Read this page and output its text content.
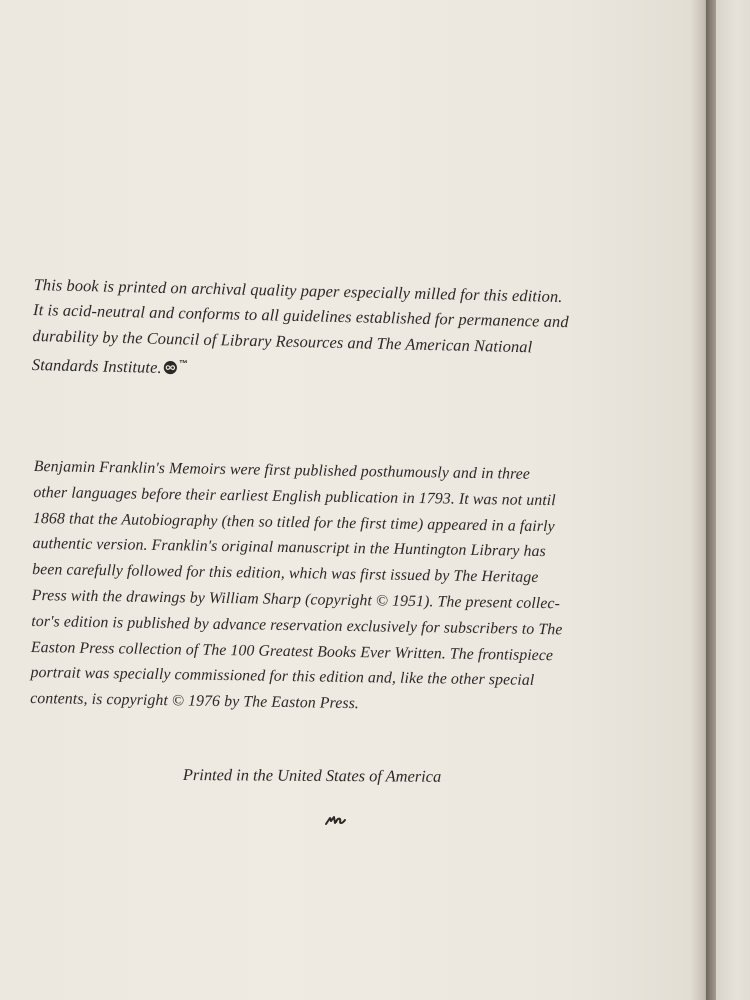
This book is printed on archival quality paper especially milled for this edition.
It is acid-neutral and conforms to all guidelines established for permanence and
durability by the Council of Library Resources and The American National
Standards Institute. ™
Benjamin Franklin's Memoirs were first published posthumously and in three
other languages before their earliest English publication in 1793. It was not until
1868 that the Autobiography (then so titled for the first time) appeared in a fairly
authentic version. Franklin's original manuscript in the Huntington Library has
been carefully followed for this edition, which was first issued by The Heritage
Press with the drawings by William Sharp (copyright © 1951). The present collec-
tor's edition is published by advance reservation exclusively for subscribers to The
Easton Press collection of The 100 Greatest Books Ever Written. The frontispiece
portrait was specially commissioned for this edition and, like the other special
contents, is copyright © 1976 by The Easton Press.
Printed in the United States of America
